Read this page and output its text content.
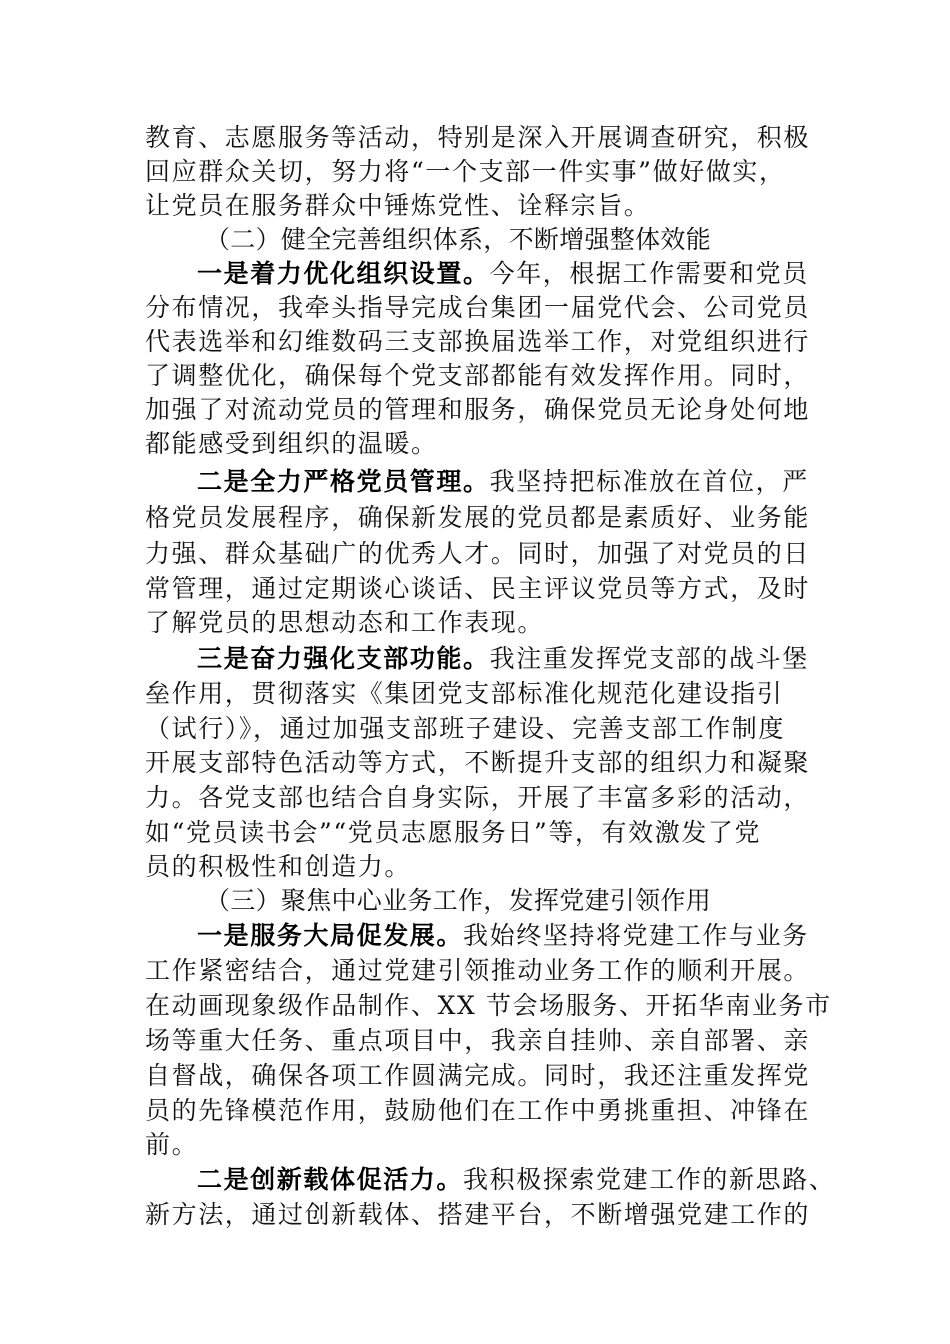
教育、志愿服务等活动，特别是深入开展调查研究，积极
回应群众关切，努力将“一个支部一件实事”做好做实，
让党员在服务群众中锤炼党性、诠释宗旨。
（二）健全完善组织体系，不断增强整体效能
一是着力优化组织设置。今年，根据工作需要和党员
分布情况，我牵头指导完成台集团一届党代会、公司党员
代表选举和幻维数码三支部换届选举工作，对党组织进行
了调整优化，确保每个党支部都能有效发挥作用。同时，
加强了对流动党员的管理和服务，确保党员无论身处何地
都能感受到组织的温暖。
二是全力严格党员管理。我坚持把标准放在首位，严
格党员发展程序，确保新发展的党员都是素质好、业务能
力强、群众基础广的优秀人才。同时，加强了对党员的日
常管理，通过定期谈心谈话、民主评议党员等方式，及时
了解党员的思想动态和工作表现。
三是奋力强化支部功能。我注重发挥党支部的战斗堡
垒作用，贯彻落实《集团党支部标准化规范化建设指引
（试行）》，通过加强支部班子建设、完善支部工作制度
开展支部特色活动等方式，不断提升支部的组织力和凝聚
力。各党支部也结合自身实际，开展了丰富多彩的活动，
如“党员读书会”“党员志愿服务日”等，有效激发了党
员的积极性和创造力。
（三）聚焦中心业务工作，发挥党建引领作用
一是服务大局促发展。我始终坚持将党建工作与业务
工作紧密结合，通过党建引领推动业务工作的顺利开展。
在动画现象级作品制作、XX 节会场服务、开拓华南业务市
场等重大任务、重点项目中，我亲自挂帅、亲自部署、亲
自督战，确保各项工作圆满完成。同时，我还注重发挥党
员的先锋模范作用，鼓励他们在工作中勇挑重担、冲锋在
前。
二是创新载体促活力。我积极探索党建工作的新思路、
新方法，通过创新载体、搭建平台，不断增强党建工作的
